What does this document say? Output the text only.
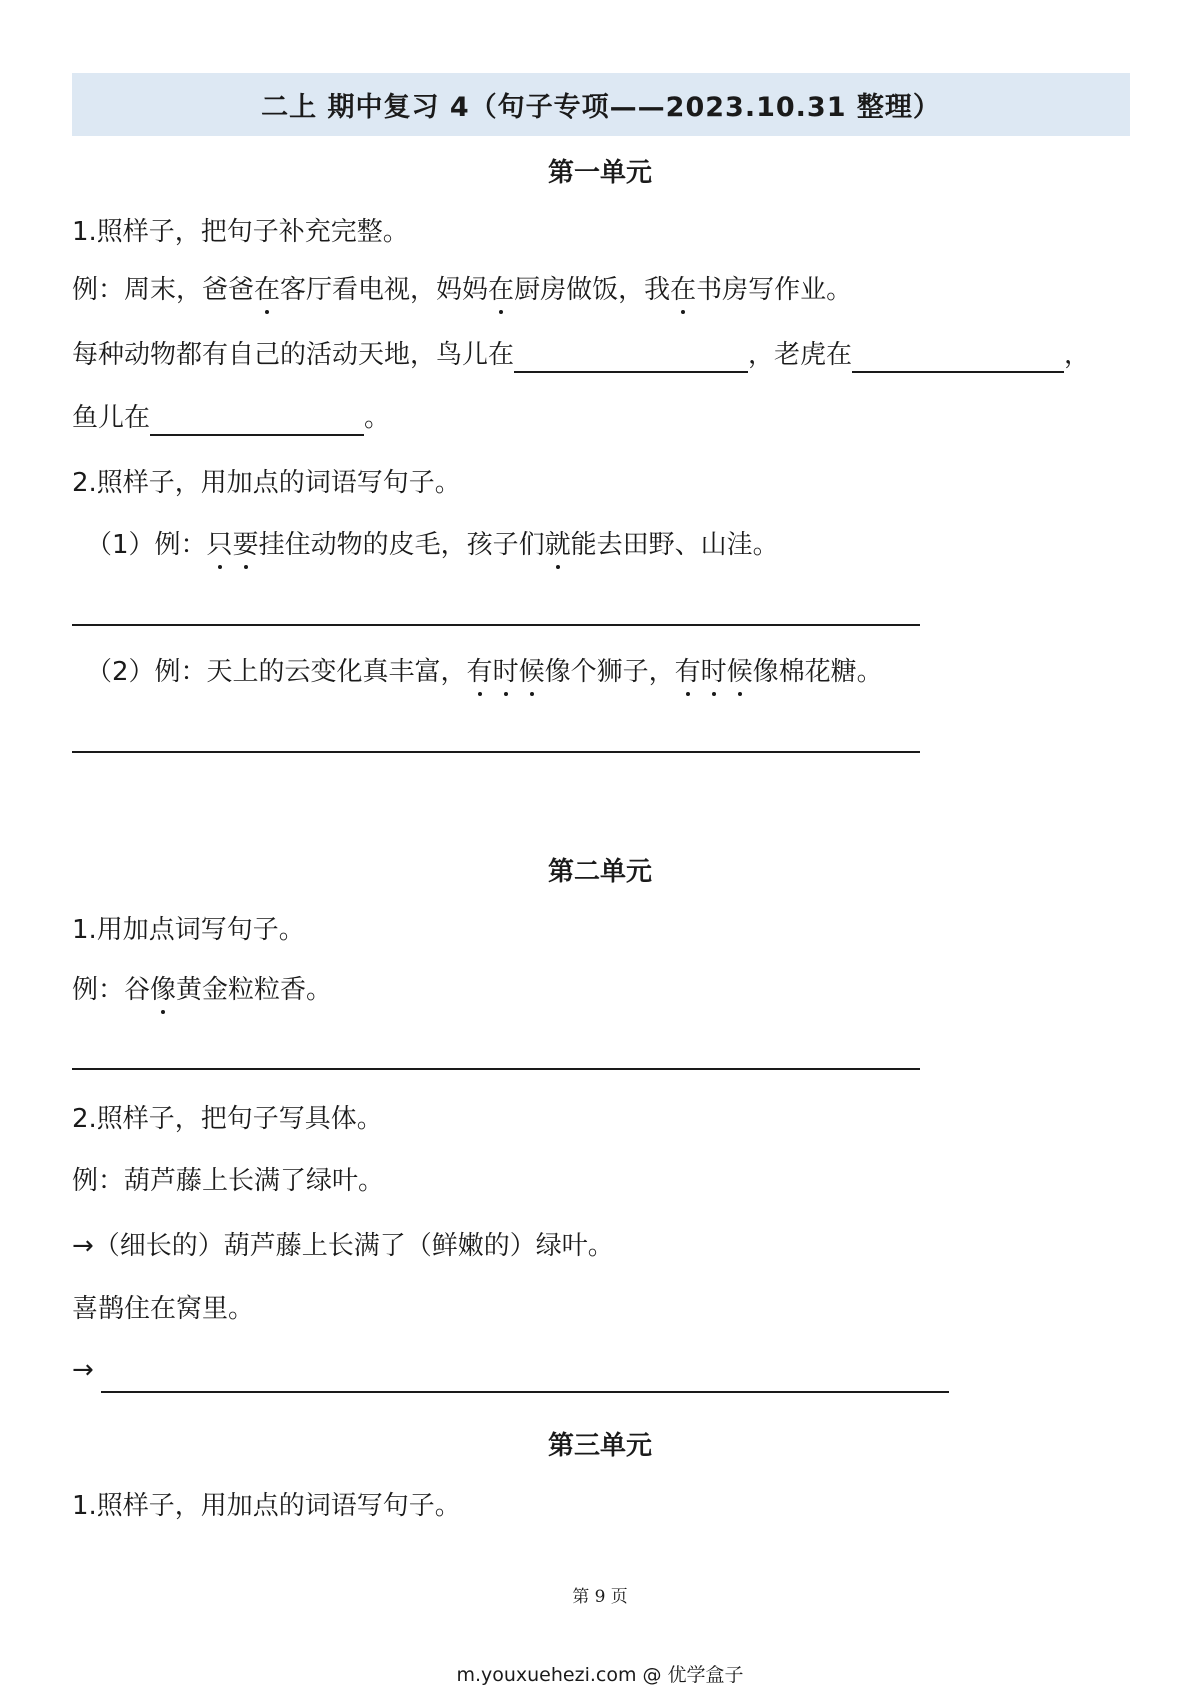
二上 期中复习 4（句子专项——2023.10.31 整理）
第一单元
1.照样子，把句子补充完整。
例：周末，爸爸在客厅看电视，妈妈在厨房做饭，我在书房写作业。
每种动物都有自己的活动天地，鸟儿在	，老虎在	，
鱼儿在	。
2.照样子，用加点的词语写句子。
（1）例：只要挂住动物的皮毛，孩子们就能去田野、山洼。
（2）例：天上的云变化真丰富，有时候像个狮子，有时候像棉花糖。
第二单元
1.用加点词写句子。
例：谷像黄金粒粒香。
2.照样子，把句子写具体。
例：葫芦藤上长满了绿叶。
→（细长的）葫芦藤上长满了（鲜嫩的）绿叶。
喜鹊住在窝里。
→
第三单元
1.照样子，用加点的词语写句子。
第 9 页
m.youxuehezi.com @ 优学盒子
